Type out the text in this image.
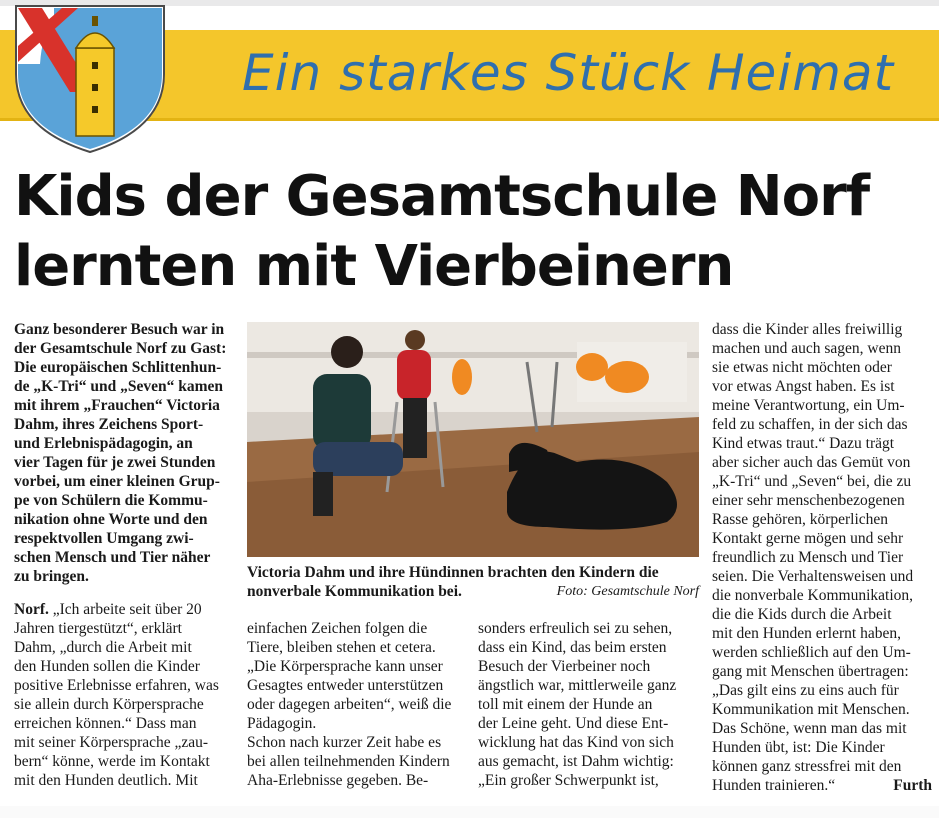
Ein starkes Stück Heimat
Kids der Gesamtschule Norf
lernten mit Vierbeinern
Ganz besonderer Besuch war in
der Gesamtschule Norf zu Gast:
Die europäischen Schlittenhun-
de „K-Tri“ und „Seven“ kamen
mit ihrem „Frauchen“ Victoria
Dahm, ihres Zeichens Sport-
und Erlebnispädagogin, an
vier Tagen für je zwei Stunden
vorbei, um einer kleinen Grup-
pe von Schülern die Kommu-
nikation ohne Worte und den
respektvollen Umgang zwi-
schen Mensch und Tier näher
zu bringen.	Victoria Dahm und ihre Hündinnen brachten den Kindern die
nonverbale Kommunikation bei.	Foto: Gesamtschule Norf
Norf. „Ich arbeite seit über 20
Jahren tiergestützt“, erklärt
Dahm, „durch die Arbeit mit
den Hunden sollen die Kinder
positive Erlebnisse erfahren, was
sie allein durch Körpersprache
erreichen können.“ Dass man
mit seiner Körpersprache „zau-
bern“ könne, werde im Kontakt
mit den Hunden deutlich. Mit
einfachen Zeichen folgen die
Tiere, bleiben stehen et cetera.
„Die Körpersprache kann unser
Gesagtes entweder unterstützen
oder dagegen arbeiten“, weiß die
Pädagogin.
Schon nach kurzer Zeit habe es
bei allen teilnehmenden Kindern
Aha-Erlebnisse gegeben. Be-
sonders erfreulich sei zu sehen,
dass ein Kind, das beim ersten
Besuch der Vierbeiner noch
ängstlich war, mittlerweile ganz
toll mit einem der Hunde an
der Leine geht. Und diese Ent-
wicklung hat das Kind von sich
aus gemacht, ist Dahm wichtig:
„Ein großer Schwerpunkt ist,
dass die Kinder alles freiwillig
machen und auch sagen, wenn
sie etwas nicht möchten oder
vor etwas Angst haben. Es ist
meine Verantwortung, ein Um-
feld zu schaffen, in der sich das
Kind etwas traut.“ Dazu trägt
aber sicher auch das Gemüt von
„K-Tri“ und „Seven“ bei, die zu
einer sehr menschenbezogenen
Rasse gehören, körperlichen
Kontakt gerne mögen und sehr
freundlich zu Mensch und Tier
seien. Die Verhaltensweisen und
die nonverbale Kommunikation,
die die Kids durch die Arbeit
mit den Hunden erlernt haben,
werden schließlich auf den Um-
gang mit Menschen übertragen:
„Das gilt eins zu eins auch für
Kommunikation mit Menschen.
Das Schöne, wenn man das mit
Hunden übt, ist: Die Kinder
können ganz stressfrei mit den
Hunden trainieren.“	Furth
